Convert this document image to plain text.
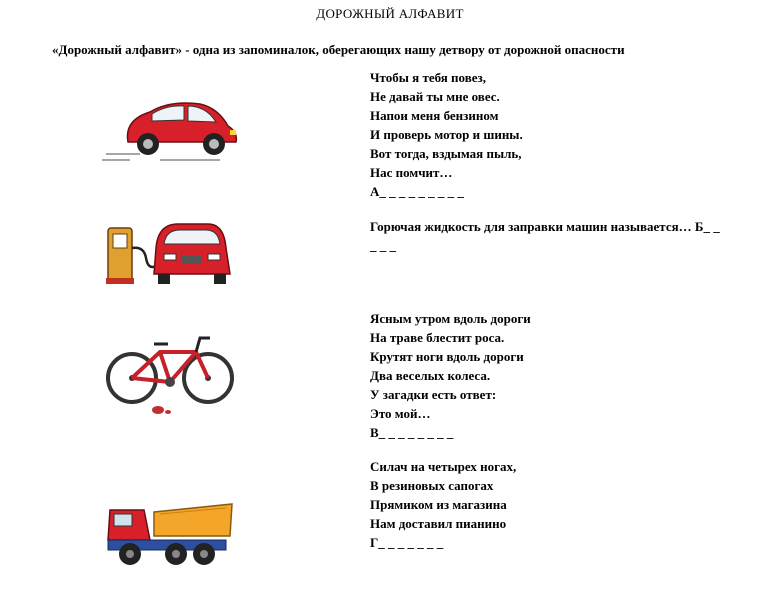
ДОРОЖНЫЙ АЛФАВИТ
«Дорожный алфавит» - одна из запоминалок, оберегающих нашу детвору от дорожной опасности
Чтобы я тебя повез,
Не давай ты мне овес.
Напои меня бензином
И проверь мотор и шины.
Вот тогда, вздымая пыль,
Нас помчит…
А_ _ _ _ _ _ _ _ _
Горючая жидкость для заправки машин называется… Б_ _
_ _ _
Ясным утром вдоль дороги
На траве блестит роса.
Крутят ноги вдоль дороги
Два веселых колеса.
У загадки есть ответ:
Это мой…
В_ _ _ _ _ _ _ _
Силач на четырех ногах,
В резиновых сапогах
Прямиком из магазина
Нам доставил пианино
Г_ _ _ _ _ _ _
